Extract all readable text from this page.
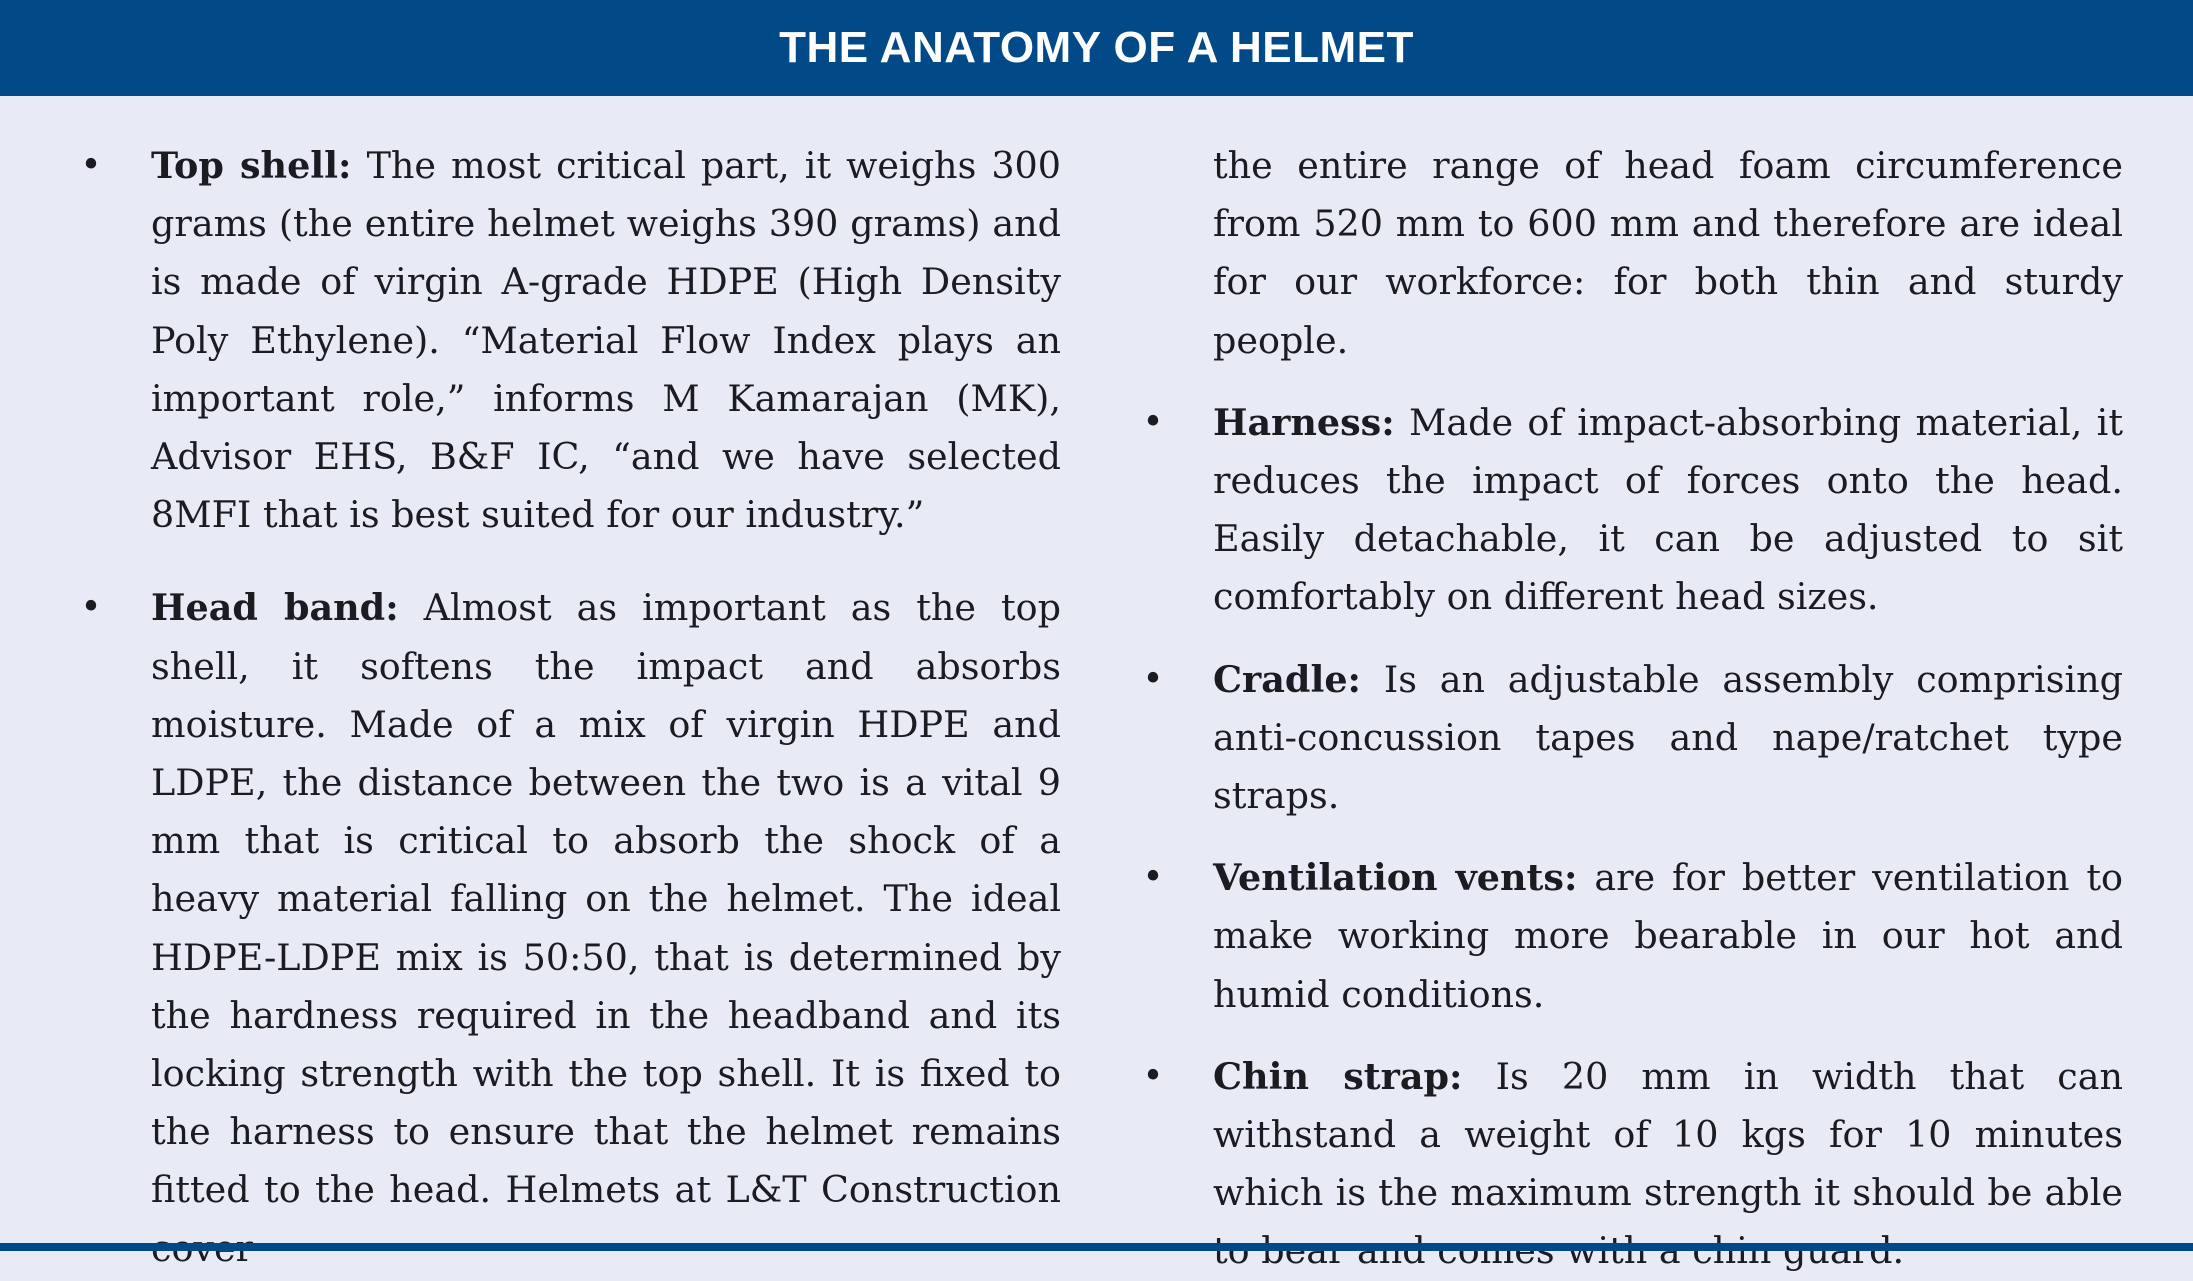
THE ANATOMY OF A HELMET
• Top shell: The most critical part, it weighs 300 grams (the entire helmet weighs 390 grams) and is made of virgin A-grade HDPE (High Density Poly Ethylene). “Material Flow Index plays an important role,” informs M Kamarajan (MK), Advisor EHS, B&F IC, “and we have selected 8MFI that is best suited for our industry.”
• Head band: Almost as important as the top shell, it softens the impact and absorbs moisture. Made of a mix of virgin HDPE and LDPE, the distance between the two is a vital 9 mm that is critical to absorb the shock of a heavy material falling on the helmet. The ideal HDPE-LDPE mix is 50:50, that is determined by the hardness required in the headband and its locking strength with the top shell. It is fixed to the harness to ensure that the helmet remains fitted to the head. Helmets at L&T Construction
the entire range of head foam circumference from 520 mm to 600 mm and therefore are ideal for our workforce: for both thin and sturdy people.
• Harness: Made of impact-absorbing material, it reduces the impact of forces onto the head. Easily detachable, it can be adjusted to sit comfortably on different head sizes.
• Cradle: Is an adjustable assembly comprising anti-concussion tapes and nape/ratchet type straps.
• Ventilation vents: are for better ventilation to make working more bearable in our hot and humid conditions.
• Chin strap: Is 20 mm in width that can withstand a weight of 10 kgs for 10 minutes which is the maximum strength it should be able
